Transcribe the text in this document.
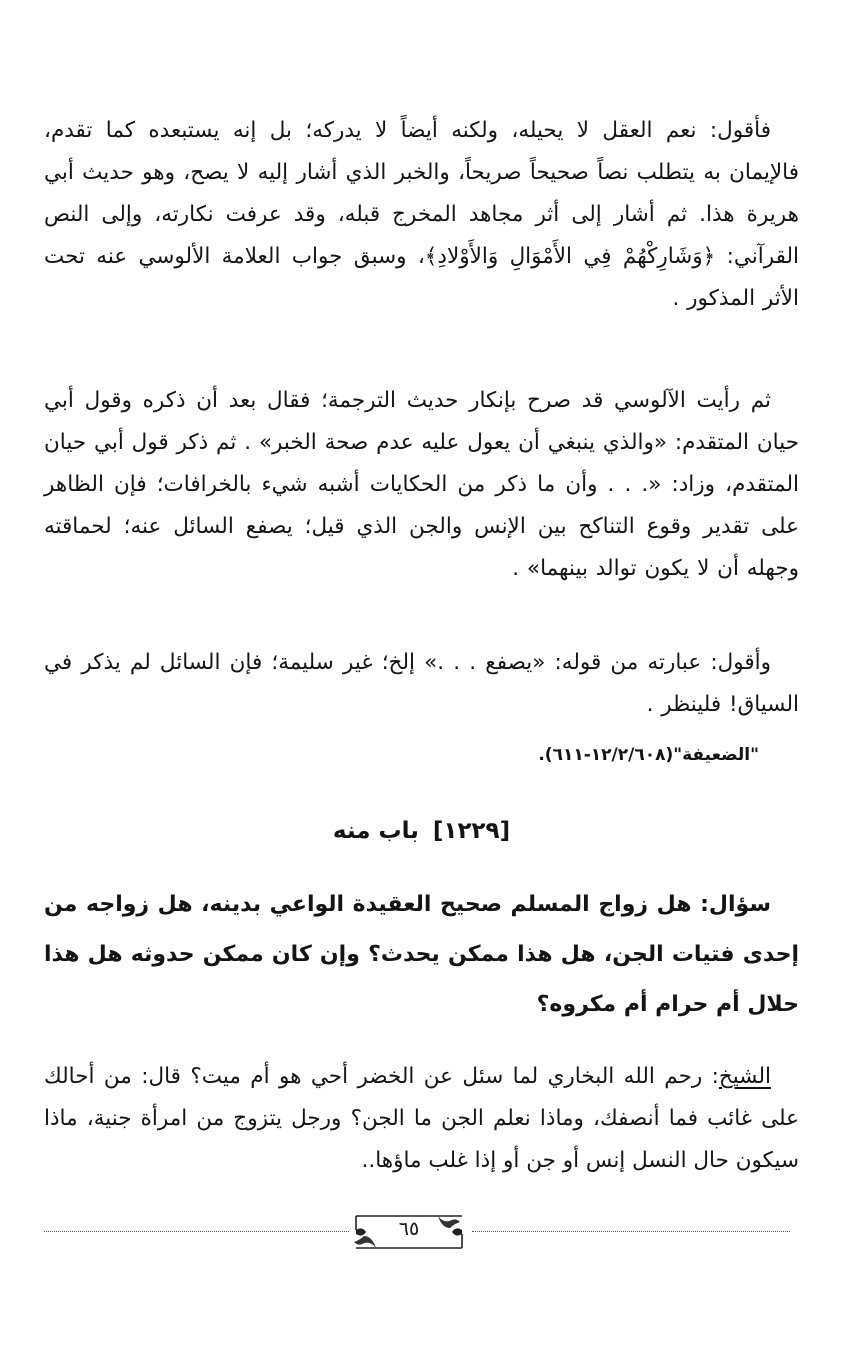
فأقول: نعم العقل لا يحيله، ولكنه أيضاً لا يدركه؛ بل إنه يستبعده كما تقدم، فالإيمان به يتطلب نصاً صحيحاً صريحاً، والخبر الذي أشار إليه لا يصح، وهو حديث أبي هريرة هذا. ثم أشار إلى أثر مجاهد المخرج قبله، وقد عرفت نكارته، وإلى النص القرآني: ﴿وَشَارِكْهُمْ فِي الأَمْوَالِ وَالأَوْلادِ﴾، وسبق جواب العلامة الألوسي عنه تحت الأثر المذكور .
ثم رأيت الآلوسي قد صرح بإنكار حديث الترجمة؛ فقال بعد أن ذكره وقول أبي حيان المتقدم: «والذي ينبغي أن يعول عليه عدم صحة الخبر» . ثم ذكر قول أبي حيان المتقدم، وزاد: «. . . وأن ما ذكر من الحكايات أشبه شيء بالخرافات؛ فإن الظاهر على تقدير وقوع التناكح بين الإنس والجن الذي قيل؛ يصفع السائل عنه؛ لحماقته وجهله أن لا يكون توالد بينهما» .
وأقول: عبارته من قوله: «يصفع . . .» إلخ؛ غير سليمة؛ فإن السائل لم يذكر في السياق! فلينظر .
"الضعيفة"(١٢/٢/٦٠٨-٦١١).
[١٢٢٩]باب منه
سؤال: هل زواج المسلم صحيح العقيدة الواعي بدينه، هل زواجه من إحدى فتيات الجن، هل هذا ممكن يحدث؟ وإن كان ممكن حدوثه هل هذا حلال أم حرام أم مكروه؟
الشيخ: رحم الله البخاري لما سئل عن الخضر أحي هو أم ميت؟ قال: من أحالك على غائب فما أنصفك، وماذا نعلم الجن ما الجن؟ ورجل يتزوج من امرأة جنية، ماذا سيكون حال النسل إنس أو جن أو إذا غلب ماؤها..
٦٥
